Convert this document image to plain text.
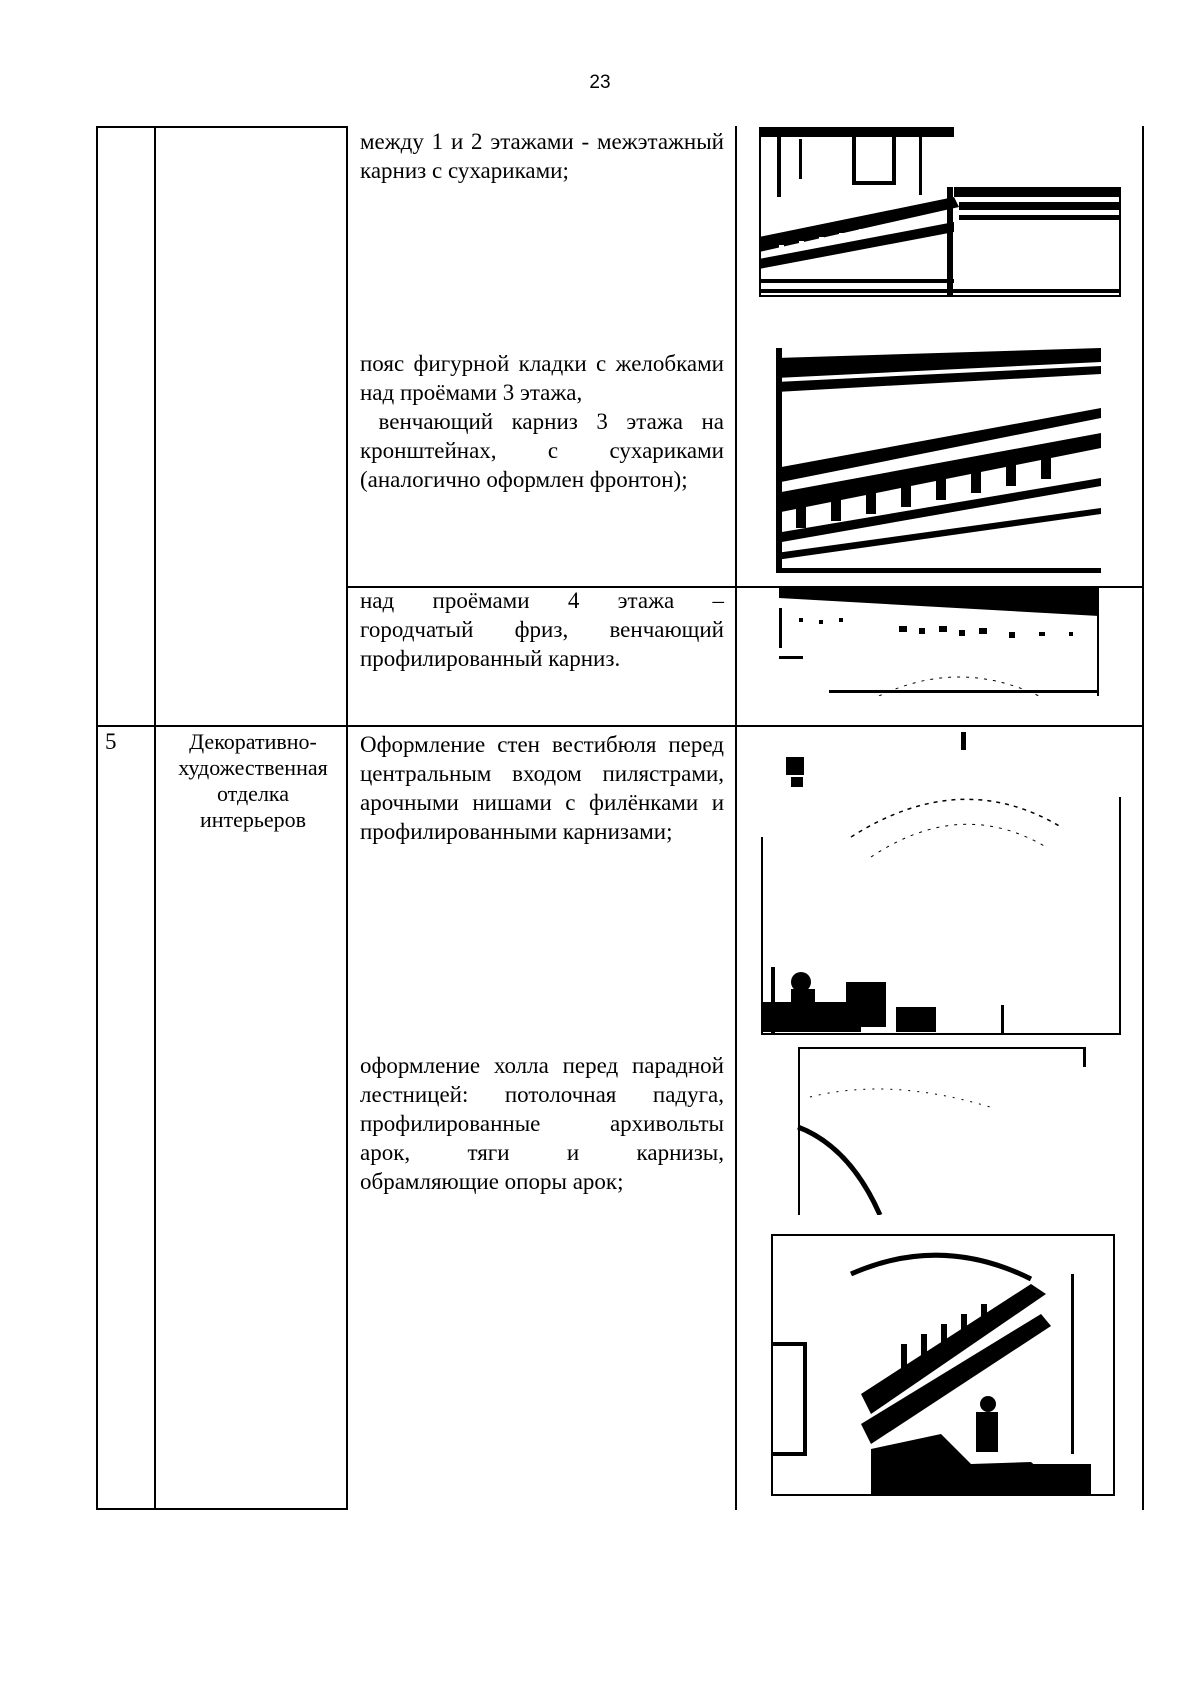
23
5	Декоративно-
художественная
отделка
интерьеров
между 1 и 2 этажами - межэтажный
карниз с сухариками;
пояс фигурной кладки с желобками
над проёмами 3 этажа,
венчающий карниз 3 этажа на
кронштейнах, с сухариками
(аналогично оформлен фронтон);
над проёмами 4 этажа –
городчатый фриз, венчающий
профилированный карниз.
Оформление стен вестибюля перед
центральным входом пилястрами,
арочными нишами с филёнками и
профилированными карнизами;
оформление холла перед парадной
лестницей: потолочная падуга,
профилированные архивольты
арок, тяги и карнизы,
обрамляющие опоры арок;
